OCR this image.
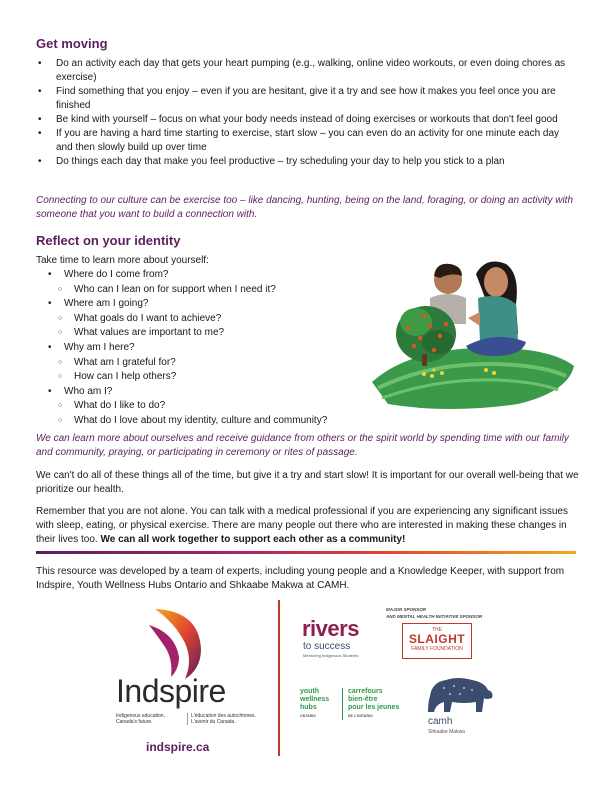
Get moving
• Do an activity each day that gets your heart pumping (e.g., walking, online video workouts, or even doing chores as exercise)
• Find something that you enjoy – even if you are hesitant, give it a try and see how it makes you feel once you are finished
• Be kind with yourself – focus on what your body needs instead of doing exercises or workouts that don't feel good
• If you are having a hard time starting to exercise, start slow – you can even do an activity for one minute each day and then slowly build up over time
• Do things each day that make you feel productive – try scheduling your day to help you stick to a plan
Connecting to our culture can be exercise too – like dancing, hunting, being on the land, foraging, or doing an activity with someone that you want to build a connection with.
Reflect on your identity
Take time to learn more about yourself:
• Where do I come from?
○ Who can I lean on for support when I need it?
• Where am I going?
○ What goals do I want to achieve?
○ What values are important to me?
• Why am I here?
○ What am I grateful for?
○ How can I help others?
• Who am I?
○ What do I like to do?
○ What do I love about my identity, culture and community?
We can learn more about ourselves and receive guidance from others or the spirit world by spending time with our family and community, praying, or participating in ceremony or rites of passage.
We can't do all of these things all of the time, but give it a try and start slow! It is important for our overall well-being that we prioritize our health.
Remember that you are not alone. You can talk with a medical professional if you are experiencing any significant issues with sleep, eating, or physical exercise. There are many people out there who are interested in making these changes in their lives too. We can all work together to support each other as a community!
This resource was developed by a team of experts, including young people and a Knowledge Keeper, with support from Indspire, Youth Wellness Hubs Ontario and Shkaabe Makwa at CAMH.
Indspire
Indigenous education, Canada's future.
L'éducation des autochtones. L'avenir du Canada.
indspire.ca
rivers
to success
Mentoring Indigenous Students
MAJOR SPONSOR
AND MENTAL HEALTH INITIATIVE SPONSOR
THE
SLAIGHT
FAMILY FOUNDATION
youth
wellness
hubs
ONTARIO
carrefours
bien-être
pour les jeunes
DE L'ONTARIO	camh
Shkaabe Makwa
